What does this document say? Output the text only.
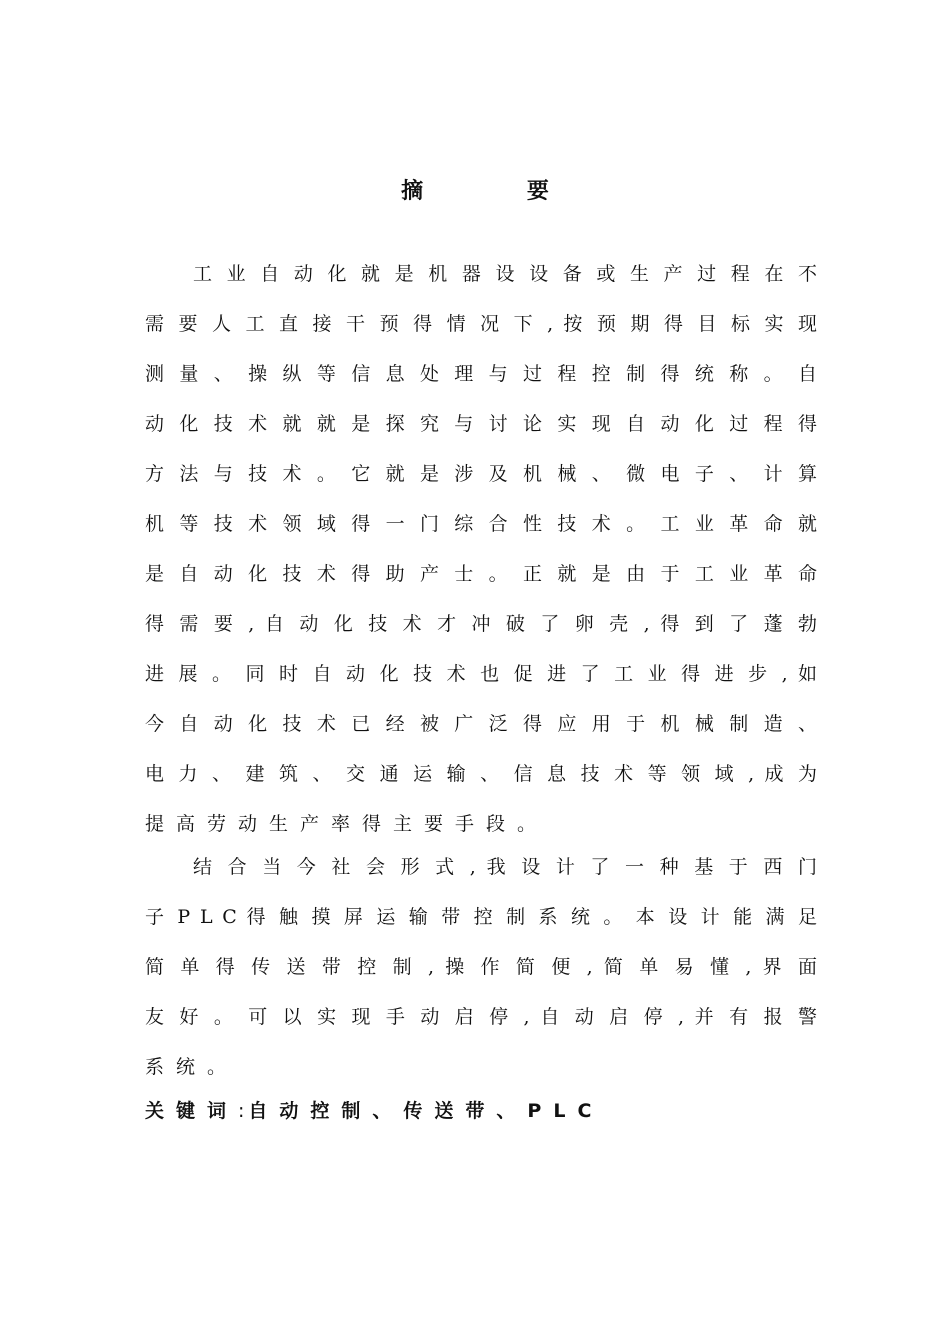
摘 要
工 业 自 动 化 就 是 机 器 设 设 备 或 生 产 过 程 在 不
需 要 人 工 直 接 干 预 得 情 况 下 , 按 预 期 得 目 标 实 现
测 量 、 操 纵 等 信 息 处 理 与 过 程 控 制 得 统 称 。 自
动 化 技 术 就 就 是 探 究 与 讨 论 实 现 自 动 化 过 程 得
方 法 与 技 术 。 它 就 是 涉 及 机 械 、 微 电 子 、 计 算
机 等 技 术 领 域 得 一 门 综 合 性 技 术 。 工 业 革 命 就
是 自 动 化 技 术 得 助 产 士 。 正 就 是 由 于 工 业 革 命
得 需 要 , 自 动 化 技 术 才 冲 破 了 卵 壳 , 得 到 了 蓬 勃
进 展 。 同 时 自 动 化 技 术 也 促 进 了 工 业 得 进 步 , 如
今 自 动 化 技 术 已 经 被 广 泛 得 应 用 于 机 械 制 造 、
电 力 、 建 筑 、 交 通 运 输 、 信 息 技 术 等 领 域 , 成 为
提高劳动生产率得主要手段。
结 合 当 今 社 会 形 式 , 我 设 计 了 一 种 基 于 西 门
子 P L C 得 触 摸 屏 运 输 带 控 制 系 统 。 本 设 计 能 满 足
简 单 得 传 送 带 控 制 , 操 作 简 便 , 简 单 易 懂 , 界 面
友 好 。 可 以 实 现 手 动 启 停 , 自 动 启 停 , 并 有 报 警
系统。
关键词:自动控制、传送带、PLC
